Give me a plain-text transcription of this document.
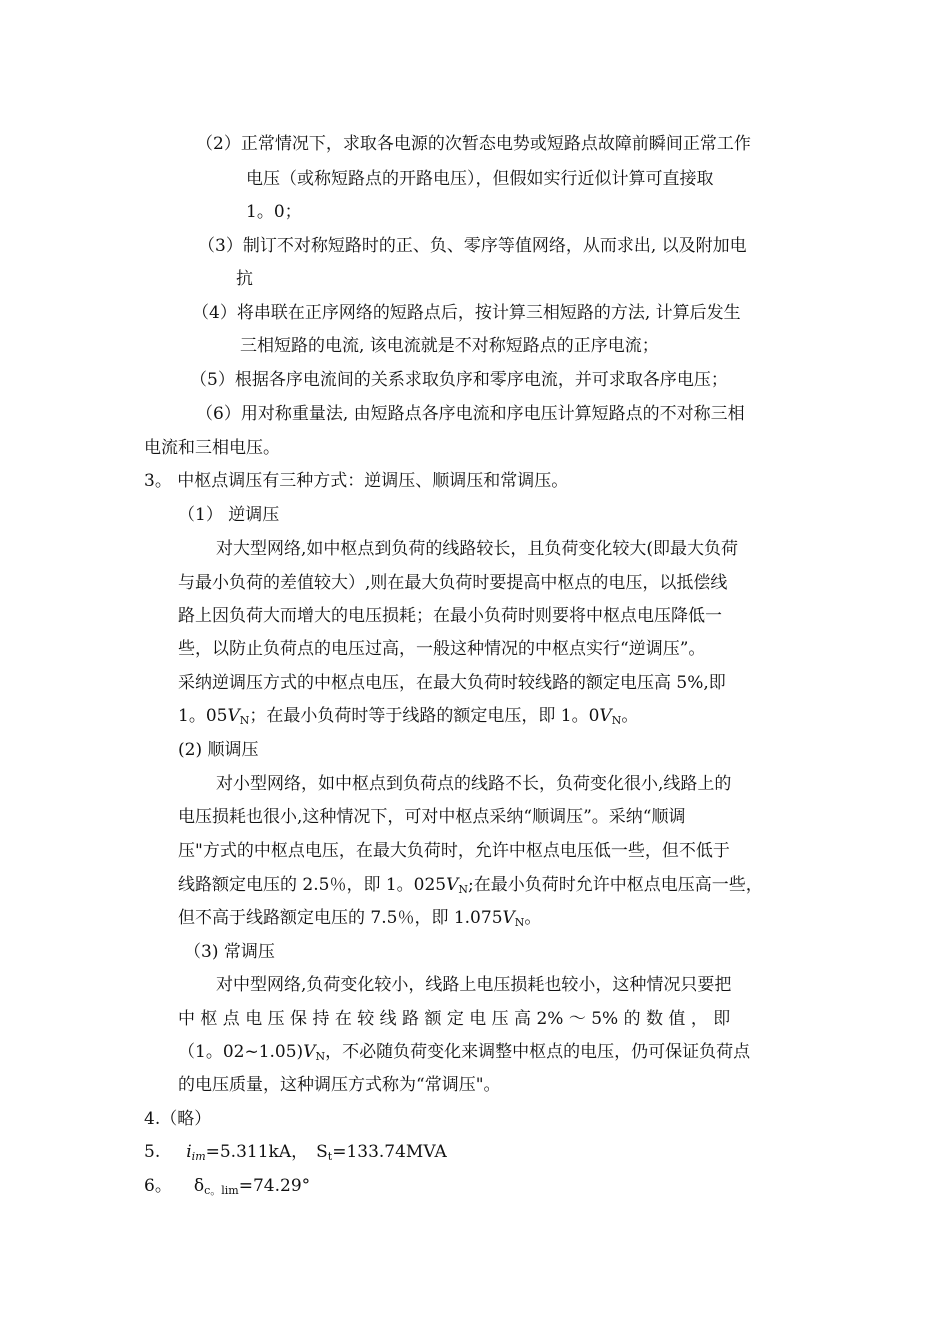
（2）正常情况下，求取各电源的次暂态电势或短路点故障前瞬间正常工作
电压（或称短路点的开路电压），但假如实行近似计算可直接取
1。0；
（3）制订不对称短路时的正、负、零序等值网络，从而求出, 以及附加电
抗
（4）将串联在正序网络的短路点后，按计算三相短路的方法, 计算后发生
三相短路的电流, 该电流就是不对称短路点的正序电流；
（5）根据各序电流间的关系求取负序和零序电流，并可求取各序电压；
（6）用对称重量法, 由短路点各序电流和序电压计算短路点的不对称三相
电流和三相电压。
3。 中枢点调压有三种方式：逆调压、顺调压和常调压。
（1） 逆调压
对大型网络,如中枢点到负荷的线路较长，且负荷变化较大(即最大负荷
与最小负荷的差值较大）,则在最大负荷时要提高中枢点的电压，以抵偿线
路上因负荷大而增大的电压损耗；在最小负荷时则要将中枢点电压降低一
些，以防止负荷点的电压过高，一般这种情况的中枢点实行“逆调压”。
采纳逆调压方式的中枢点电压，在最大负荷时较线路的额定电压高 5%,即
1。$05V_N$；在最小负荷时等于线路的额定电压，即 1。$0V_N$。
(2) 顺调压
对小型网络，如中枢点到负荷点的线路不长，负荷变化很小,线路上的
电压损耗也很小,这种情况下，可对中枢点采纳“顺调压”。采纳“顺调
压"方式的中枢点电压，在最大负荷时，允许中枢点电压低一些，但不低于
线路额定电压的 2.5％，即 1。$025V_N$;在最小负荷时允许中枢点电压高一些，
但不高于线路额定电压的 7.5％，即 $1.075V_N$。
（3) 常调压
对中型网络,负荷变化较小，线路上电压损耗也较小，这种情况只要把
中 枢 点 电 压 保 持 在 较 线 路 额 定 电 压 高 2% ～ 5% 的 数 值 ， 即
（1。$02\sim 1.05)V_N$，不必随负荷变化来调整中枢点的电压，仍可保证负荷点
的电压质量，这种调压方式称为“常调压"。
4.（略）
5. $i_{im}=5.311kA$， $S_t=133.74MVA$
6。 $\delta_{c。lim}=74.29^\circ$
